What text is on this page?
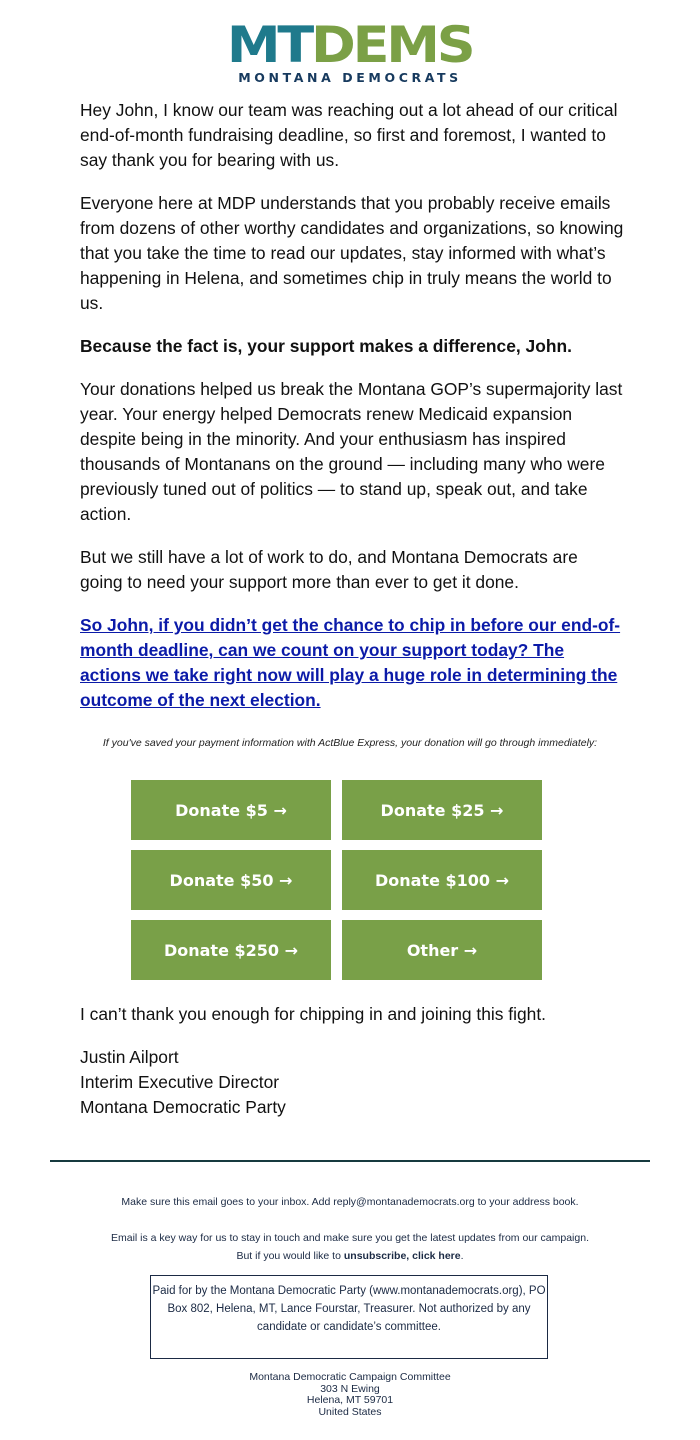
MTDEMS
MONTANA DEMOCRATS

Hey John, I know our team was reaching out a lot ahead of our critical end-of-month fundraising deadline, so first and foremost, I wanted to say thank you for bearing with us.

Everyone here at MDP understands that you probably receive emails from dozens of other worthy candidates and organizations, so knowing that you take the time to read our updates, stay informed with what’s happening in Helena, and sometimes chip in truly means the world to us.

Because the fact is, your support makes a difference, John.

Your donations helped us break the Montana GOP’s supermajority last year. Your energy helped Democrats renew Medicaid expansion despite being in the minority. And your enthusiasm has inspired thousands of Montanans on the ground — including many who were previously tuned out of politics — to stand up, speak out, and take action.

But we still have a lot of work to do, and Montana Democrats are going to need your support more than ever to get it done.

So John, if you didn’t get the chance to chip in before our end-of-month deadline, can we count on your support today? The actions we take right now will play a huge role in determining the outcome of the next election.

If you've saved your payment information with ActBlue Express, your donation will go through immediately:
Donate $5 →	Donate $25 →
Donate $50 →	Donate $100 →
Donate $250 →	Other →

I can’t thank you enough for chipping in and joining this fight.

Justin Ailport
Interim Executive Director
Montana Democratic Party
Make sure this email goes to your inbox. Add reply@montanademocrats.org to your address book.
Email is a key way for us to stay in touch and make sure you get the latest updates from our campaign.
But if you would like to unsubscribe, click here.
Paid for by the Montana Democratic Party (www.montanademocrats.org), PO Box 802, Helena, MT, Lance Fourstar, Treasurer. Not authorized by any candidate or candidate’s committee.
Montana Democratic Campaign Committee
303 N Ewing
Helena, MT 59701
United States
